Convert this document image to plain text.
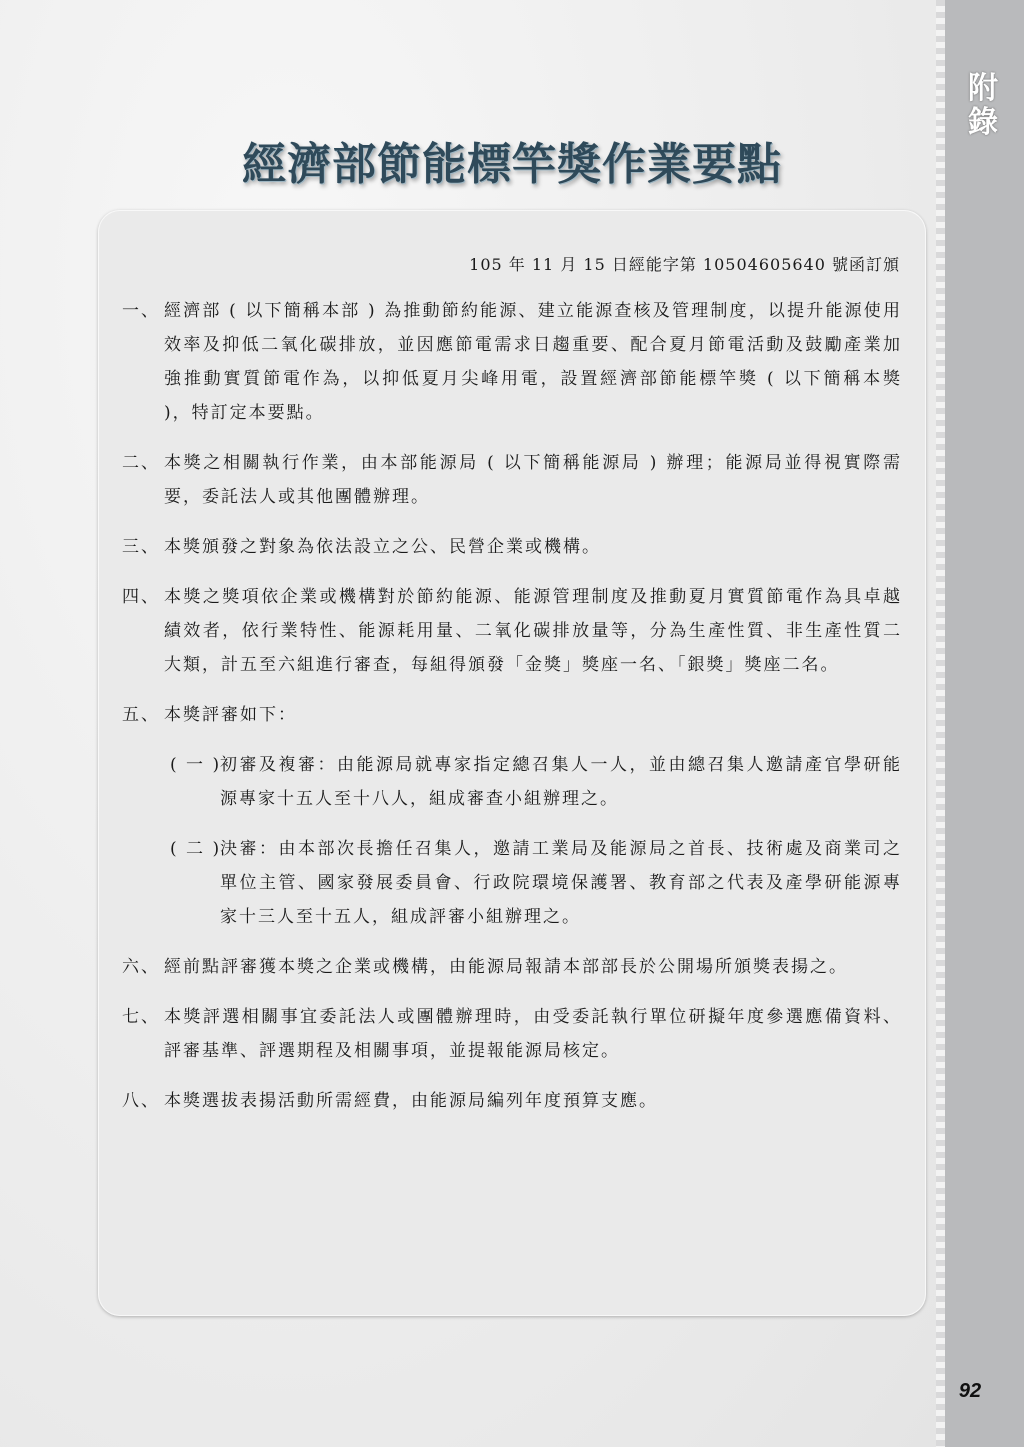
附錄
92
經濟部節能標竿獎作業要點
105 年 11 月 15 日經能字第 10504605640 號函訂頒
一、 經濟部 ( 以下簡稱本部 ) 為推動節約能源、建立能源查核及管理制度，以提升能源使用效率及抑低二氧化碳排放，並因應節電需求日趨重要、配合夏月節電活動及鼓勵產業加強推動實質節電作為，以抑低夏月尖峰用電，設置經濟部節能標竿獎 ( 以下簡稱本獎 )，特訂定本要點。
二、 本獎之相關執行作業，由本部能源局 ( 以下簡稱能源局 ) 辦理；能源局並得視實際需要，委託法人或其他團體辦理。
三、 本獎頒發之對象為依法設立之公、民營企業或機構。
四、 本獎之獎項依企業或機構對於節約能源、能源管理制度及推動夏月實質節電作為具卓越績效者，依行業特性、能源耗用量、二氧化碳排放量等，分為生產性質、非生產性質二大類，計五至六組進行審查，每組得頒發「金獎」獎座一名、「銀獎」獎座二名。
五、 本獎評審如下：
( 一 )
初審及複審：由能源局就專家指定總召集人一人，並由總召集人邀請產官學研能源專家十五人至十八人，組成審查小組辦理之。
( 二 )
決審：由本部次長擔任召集人，邀請工業局及能源局之首長、技術處及商業司之單位主管、國家發展委員會、行政院環境保護署、教育部之代表及產學研能源專家十三人至十五人，組成評審小組辦理之。
六、 經前點評審獲本獎之企業或機構，由能源局報請本部部長於公開場所頒獎表揚之。
七、 本獎評選相關事宜委託法人或團體辦理時，由受委託執行單位研擬年度參選應備資料、評審基準、評選期程及相關事項，並提報能源局核定。
八、 本獎選拔表揚活動所需經費，由能源局編列年度預算支應。
